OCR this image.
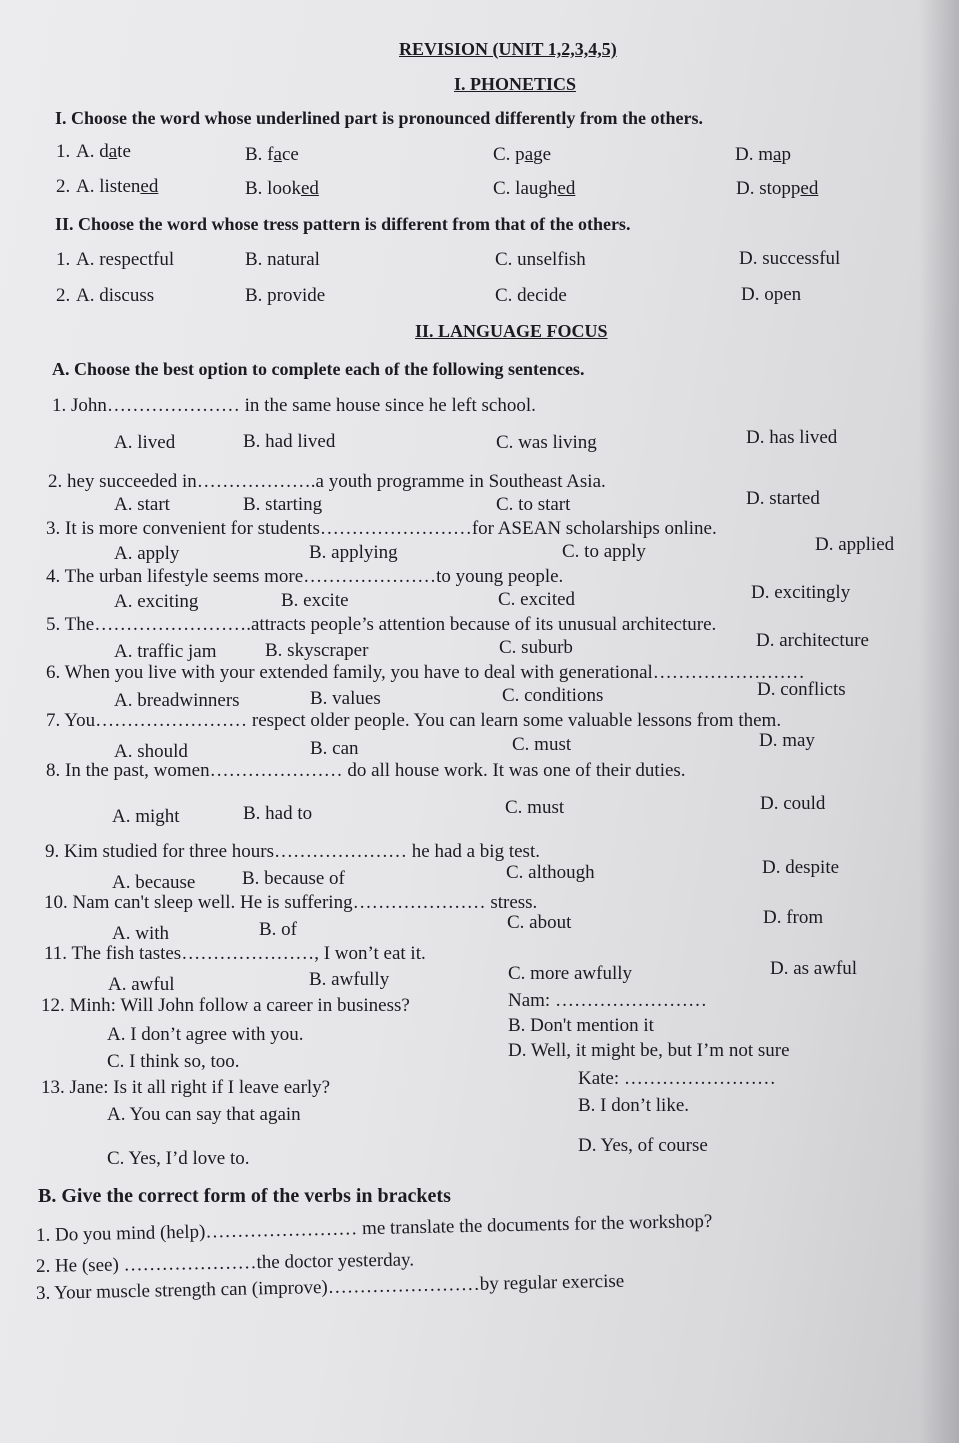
REVISION (UNIT 1,2,3,4,5)
I. PHONETICS
I. Choose the word whose underlined part is pronounced differently from the others.
1. A. date	B. face	C. page	D. map
2. A. listened	B. looked	C. laughed	D. stopped
II. Choose the word whose tress pattern is different from that of the others.
1. A. respectful	B. natural	C. unselfish	D. successful
2. A. discuss	B. provide	C. decide	D. open
II. LANGUAGE FOCUS
A. Choose the best option to complete each of the following sentences.
1. John………………… in the same house since he left school.
A. lived	B. had lived	C. was living	D. has lived
2. hey succeeded in……………….a youth programme in Southeast Asia.
A. start	B. starting	C. to start	D. started
3. It is more convenient for students……………………for ASEAN scholarships online.
A. apply	B. applying	C. to apply	D. applied
4. The urban lifestyle seems more…………………to young people.
A. exciting	B. excite	C. excited	D. excitingly
5. The…………………….attracts people’s attention because of its unusual architecture.
A. traffic jam	B. skyscraper	C. suburb	D. architecture
6. When you live with your extended family, you have to deal with generational……………………
A. breadwinners	B. values	C. conditions	D. conflicts
7. You…………………… respect older people. You can learn some valuable lessons from them.
A. should	B. can	C. must	D. may
8. In the past, women………………… do all house work. It was one of their duties.
A. might	B. had to	C. must	D. could
9. Kim studied for three hours………………… he had a big test.
A. because B. because of	C. although	D. despite
10. Nam can't sleep well. He is suffering………………… stress.
A. with	B. of	C. about	D. from
11. The fish tastes…………………, I won’t eat it.
A. awful	B. awfully	C. more awfully	D. as awful
12. Minh: Will John follow a career in business?	Nam: ……………………
A. I don’t agree with you.	B. Don't mention it
C. I think so, too.
D. Well, it might be, but I’m not sure
13. Jane: Is it all right if I leave early?	Kate: ……………………
A. You can say that again	B. I don’t like.
C. Yes, I’d love to.
D. Yes, of course
B. Give the correct form of the verbs in brackets
1. Do you mind (help)…………………… me translate the documents for the workshop?
2. He (see) …………………the doctor yesterday.
3. Your muscle strength can (improve)……………………by regular exercise
